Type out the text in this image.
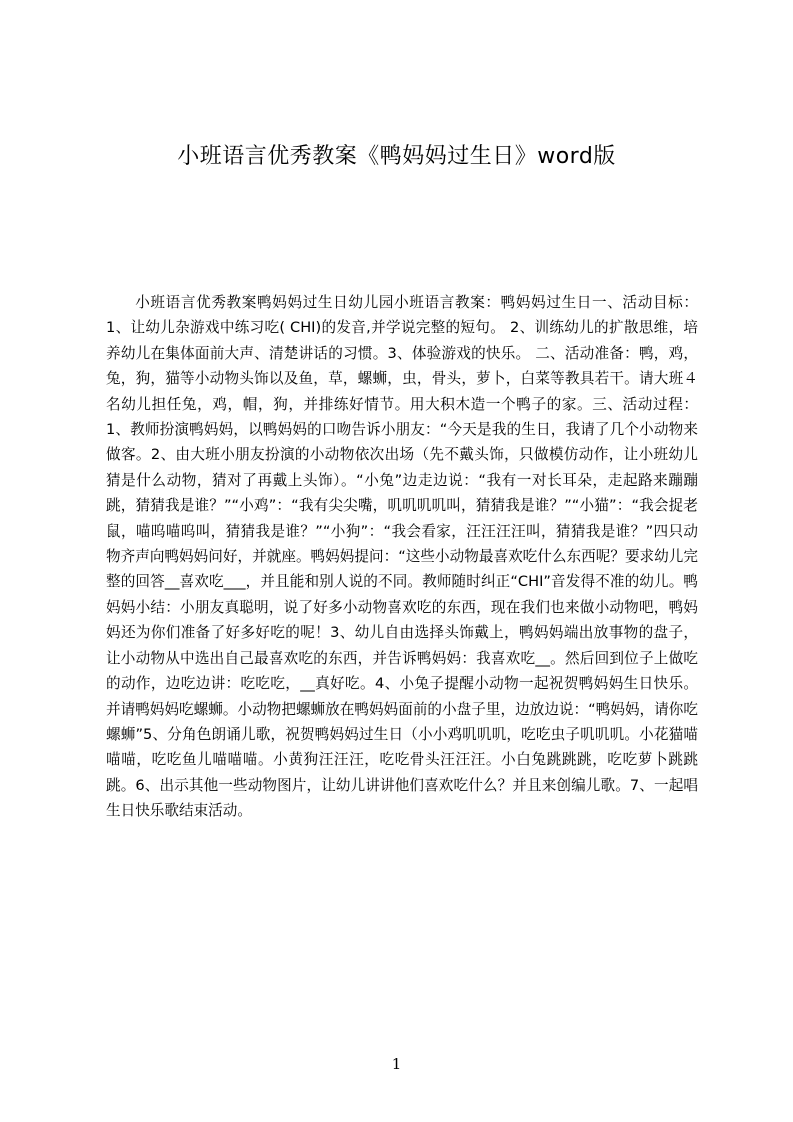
小班语言优秀教案《鸭妈妈过生日》word版

小班语言优秀教案鸭妈妈过生日幼儿园小班语言教案：鸭妈妈过生日一、活动目标：1、让幼儿杂游戏中练习吃( CHI)的发音,并学说完整的短句。 2、训练幼儿的扩散思维，培养幼儿在集体面前大声、清楚讲话的习惯。3、体验游戏的快乐。 二、活动准备：鸭，鸡，兔，狗，猫等小动物头饰以及鱼，草，螺蛳，虫，骨头，萝卜，白菜等教具若干。请大班４名幼儿担任兔，鸡，帽，狗，并排练好情节。用大积木造一个鸭子的家。三、活动过程：1、教师扮演鸭妈妈，以鸭妈妈的口吻告诉小朋友：“今天是我的生日，我请了几个小动物来做客。2、由大班小朋友扮演的小动物依次出场（先不戴头饰，只做模仿动作，让小班幼儿猜是什么动物，猜对了再戴上头饰）。“小兔”边走边说：“我有一对长耳朵，走起路来蹦蹦跳，猜猜我是谁？”“小鸡”：“我有尖尖嘴，叽叽叽叽叫，猜猜我是谁？”“小猫”：“我会捉老鼠，喵呜喵呜叫，猜猜我是谁？”“小狗”：“我会看家，汪汪汪汪叫，猜猜我是谁？”四只动物齐声向鸭妈妈问好，并就座。鸭妈妈提问：“这些小动物最喜欢吃什么东西呢？要求幼儿完整的回答__喜欢吃___，并且能和别人说的不同。教师随时纠正“CHI”音发得不准的幼儿。鸭妈妈小结：小朋友真聪明，说了好多小动物喜欢吃的东西，现在我们也来做小动物吧，鸭妈妈还为你们准备了好多好吃的呢！3、幼儿自由选择头饰戴上，鸭妈妈端出放事物的盘子，让小动物从中选出自己最喜欢吃的东西，并告诉鸭妈妈：我喜欢吃__。然后回到位子上做吃的动作，边吃边讲：吃吃吃，__真好吃。4、小兔子提醒小动物一起祝贺鸭妈妈生日快乐。并请鸭妈妈吃螺蛳。小动物把螺蛳放在鸭妈妈面前的小盘子里，边放边说：“鸭妈妈，请你吃螺蛳”5、分角色朗诵儿歌，祝贺鸭妈妈过生日（小小鸡叽叽叽，吃吃虫子叽叽叽。小花猫喵喵喵，吃吃鱼儿喵喵喵。小黄狗汪汪汪，吃吃骨头汪汪汪。小白兔跳跳跳，吃吃萝卜跳跳跳。6、出示其他一些动物图片，让幼儿讲讲他们喜欢吃什么？并且来创编儿歌。7、一起唱生日快乐歌结束活动。

1
